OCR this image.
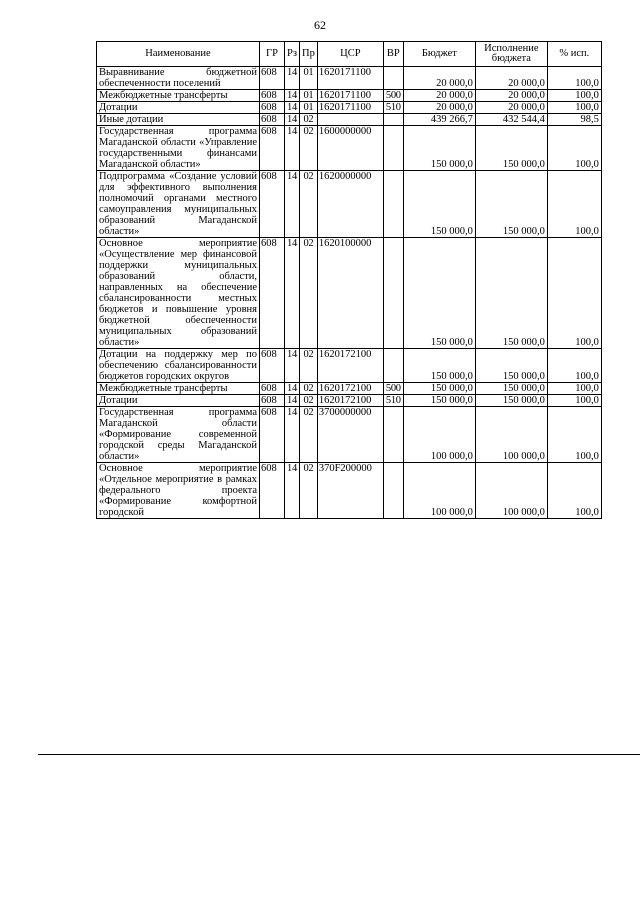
62
Наименование	ГР	Рз	Пр	ЦСР	ВР	Бюджет	Исполнение бюджета	% исп.
Выравнивание бюджетной обеспеченности поселений	608	14	01	1620171100		20 000,0	20 000,0	100,0
Межбюджетные трансферты	608	14	01	1620171100	500	20 000,0	20 000,0	100,0
Дотации	608	14	01	1620171100	510	20 000,0	20 000,0	100,0
Иные дотации	608	14	02			439 266,7	432 544,4	98,5
Государственная программа Магаданской области «Управление государственными финансами Магаданской области»	608	14	02	1600000000		150 000,0	150 000,0	100,0
Подпрограмма «Создание условий для эффективного выполнения полномочий органами местного самоуправления муниципальных образований Магаданской области»	608	14	02	1620000000		150 000,0	150 000,0	100,0
Основное мероприятие «Осуществление мер финансовой поддержки муниципальных образований области, направленных на обеспечение сбалансированности местных бюджетов и повышение уровня бюджетной обеспеченности муниципальных образований области»	608	14	02	1620100000		150 000,0	150 000,0	100,0
Дотации на поддержку мер по обеспечению сбалансированности бюджетов городских округов	608	14	02	1620172100		150 000,0	150 000,0	100,0
Межбюджетные трансферты	608	14	02	1620172100	500	150 000,0	150 000,0	100,0
Дотации	608	14	02	1620172100	510	150 000,0	150 000,0	100,0
Государственная программа Магаданской области «Формирование современной городской среды Магаданской области»	608	14	02	3700000000		100 000,0	100 000,0	100,0
Основное мероприятие «Отдельное мероприятие в рамках федерального проекта «Формирование комфортной городской	608	14	02	370F200000		100 000,0	100 000,0	100,0
